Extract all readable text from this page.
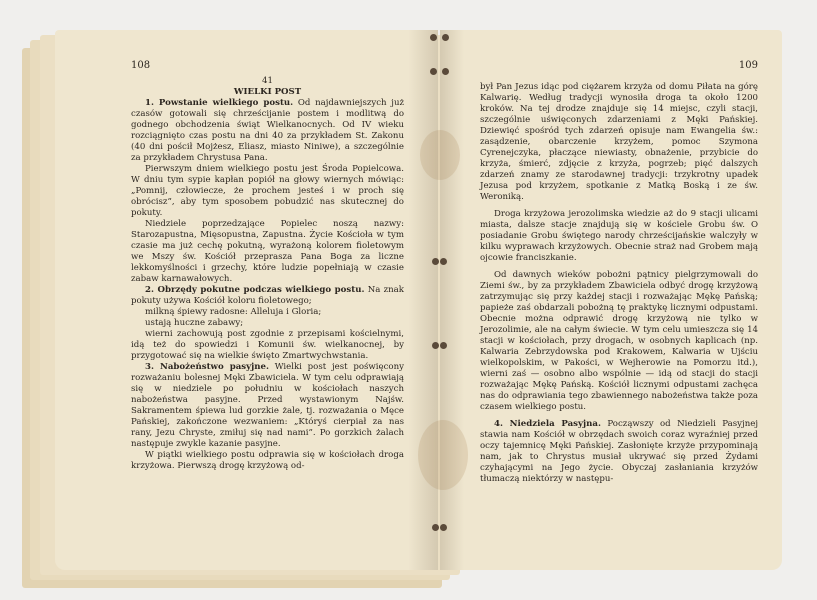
108

41

WIELKI POST

1. Powstanie wielkiego postu. Od najdawniejszych już czasów gotowali się chrześcijanie postem i modlitwą do godnego obchodzenia świąt Wielkanocnych. Od IV wieku rozciągnięto czas postu na dni 40 za przykładem St. Zakonu (40 dni pościł Mojżesz, Eliasz, miasto Niniwe), a szczególnie za przykładem Chrystusa Pana.

Pierwszym dniem wielkiego postu jest Środa Popielcowa. W dniu tym sypie kapłan popiół na głowy wiernych mówiąc: „Pomnij, człowiecze, że prochem jesteś i w proch się obrócisz”, aby tym sposobem pobudzić nas skutecznej do pokuty.

Niedziele poprzedzające Popielec noszą nazwy: Starozapustna, Mięsopustna, Zapustna. Życie Kościoła w tym czasie ma już cechę pokutną, wyrażoną kolorem fioletowym we Mszy św. Kościół przeprasza Pana Boga za liczne lekkomyślności i grzechy, które ludzie popełniają w czasie zabaw karnawałowych.

2. Obrzędy pokutne podczas wielkiego postu. Na znak pokuty używa Kościół koloru fioletowego;

milkną śpiewy radosne: Alleluja i Gloria;

ustają huczne zabawy;

wierni zachowują post zgodnie z przepisami kościelnymi, idą też do spowiedzi i Komunii św. wielkanocnej, by przygotować się na wielkie święto Zmartwychwstania.

3. Nabożeństwo pasyjne. Wielki post jest poświęcony rozważaniu bolesnej Męki Zbawiciela. W tym celu odprawiają się w niedziele po południu w kościołach naszych nabożeństwa pasyjne. Przed wystawionym Najśw. Sakramentem śpiewa lud gorzkie żale, tj. rozważania o Męce Pańskiej, zakończone wezwaniem: „Któryś cierpiał za nas rany, Jezu Chryste, zmiłuj się nad nami”. Po gorzkich żalach następuje zwykle kazanie pasyjne.

W piątki wielkiego postu odprawia się w kościołach droga krzyżowa. Pierwszą drogę krzyżową od-

109

był Pan Jezus idąc pod ciężarem krzyża od domu Piłata na górę Kalwarię. Według tradycji wynosiła droga ta około 1200 kroków. Na tej drodze znajduje się 14 miejsc, czyli stacji, szczególnie uświęconych zdarzeniami z Męki Pańskiej. Dziewięć spośród tych zdarzeń opisuje nam Ewangelia św.: zasądzenie, obarczenie krzyżem, pomoc Szymona Cyrenejczyka, płaczące niewiasty, obnażenie, przybicie do krzyża, śmierć, zdjęcie z krzyża, pogrzeb; pięć dalszych zdarzeń znamy ze starodawnej tradycji: trzykrotny upadek Jezusa pod krzyżem, spotkanie z Matką Boską i ze św. Weroniką.

Droga krzyżowa jerozolimska wiedzie aż do 9 stacji ulicami miasta, dalsze stacje znajdują się w kościele Grobu św. O posiadanie Grobu świętego narody chrześcijańskie walczyły w kilku wyprawach krzyżowych. Obecnie straż nad Grobem mają ojcowie franciszkanie.

Od dawnych wieków pobożni pątnicy pielgrzymowali do Ziemi św., by za przykładem Zbawiciela odbyć drogę krzyżową zatrzymując się przy każdej stacji i rozważając Mękę Pańską; papieże zaś obdarzali pobożną tę praktykę licznymi odpustami. Obecnie można odprawić drogę krzyżową nie tylko w Jerozolimie, ale na całym świecie. W tym celu umieszcza się 14 stacji w kościołach, przy drogach, w osobnych kaplicach (np. Kalwaria Zebrzydowska pod Krakowem, Kalwaria w Ujściu wielkopolskim, w Pakości, w Wejherowie na Pomorzu itd.), wierni zaś — osobno albo wspólnie — idą od stacji do stacji rozważając Mękę Pańską. Kościół licznymi odpustami zachęca nas do odprawiania tego zbawiennego nabożeństwa także poza czasem wielkiego postu.

4. Niedziela Pasyjna. Począwszy od Niedzieli Pasyjnej stawia nam Kościół w obrzędach swoich coraz wyraźniej przed oczy tajemnicę Męki Pańskiej. Zasłonięte krzyże przypominają nam, jak to Chrystus musiał ukrywać się przed Żydami czyhającymi na Jego życie. Obyczaj zasłaniania krzyżów tłumaczą niektórzy w następu-
